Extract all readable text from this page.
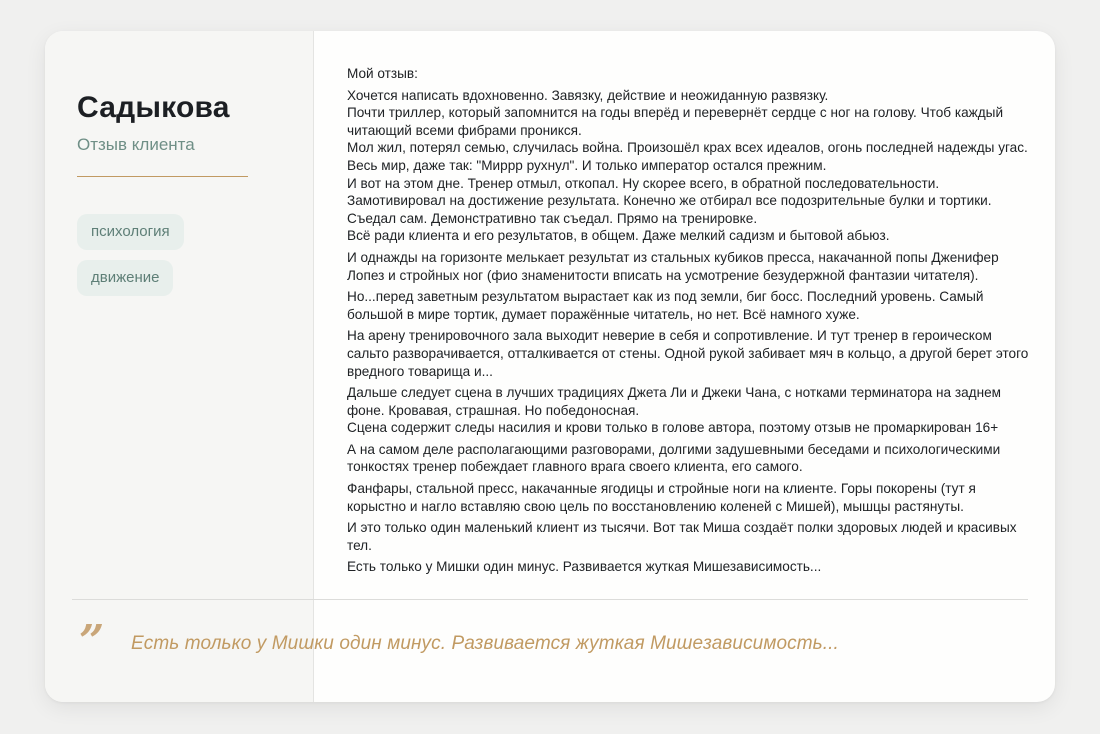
Садыкова
Отзыв клиента
психология
движение
Мой отзыв:
Хочется написать вдохновенно. Завязку, действие и неожиданную развязку.
Почти триллер, который запомнится на годы вперёд и перевернёт сердце с ног на голову. Чтоб каждый читающий всеми фибрами проникся.
Мол жил, потерял семью, случилась война. Произошёл крах всех идеалов, огонь последней надежды угас. Весь мир, даже так: "Миррр рухнул". И только император остался прежним.
И вот на этом дне. Тренер отмыл, откопал. Ну скорее всего, в обратной последовательности.
Замотивировал на достижение результата. Конечно же отбирал все подозрительные булки и тортики. Съедал сам. Демонстративно так съедал. Прямо на тренировке.
Всё ради клиента и его результатов, в общем. Даже мелкий садизм и бытовой абьюз.
И однажды на горизонте мелькает результат из стальных кубиков пресса, накачанной попы Дженифер Лопез и стройных ног (фио знаменитости вписать на усмотрение безудержной фантазии читателя).
Но...перед заветным результатом вырастает как из под земли, биг босс. Последний уровень. Самый большой в мире тортик, думает поражённые читатель, но нет. Всё намного хуже.
На арену тренировочного зала выходит неверие в себя и сопротивление. И тут тренер в героическом сальто разворачивается, отталкивается от стены. Одной рукой забивает мяч в кольцо, а другой берет этого вредного товарища и...
Дальше следует сцена в лучших традициях Джета Ли и Джеки Чана, с нотками терминатора на заднем фоне. Кровавая, страшная. Но победоносная.
Сцена содержит следы насилия и крови только в голове автора, поэтому отзыв не промаркирован 16+
А на самом деле располагающими разговорами, долгими задушевными беседами и психологическими тонкостях тренер побеждает главного врага своего клиента, его самого.
Фанфары, стальной пресс, накачанные ягодицы и стройные ноги на клиенте. Горы покорены (тут я корыстно и нагло вставляю свою цель по восстановлению коленей с Мишей), мышцы растянуты.
И это только один маленький клиент из тысячи. Вот так Миша создаёт полки здоровых людей и красивых тел.
Есть только у Мишки один минус. Развивается жуткая Мишезависимость...
” Есть только у Мишки один минус. Развивается жуткая Мишезависимость...
